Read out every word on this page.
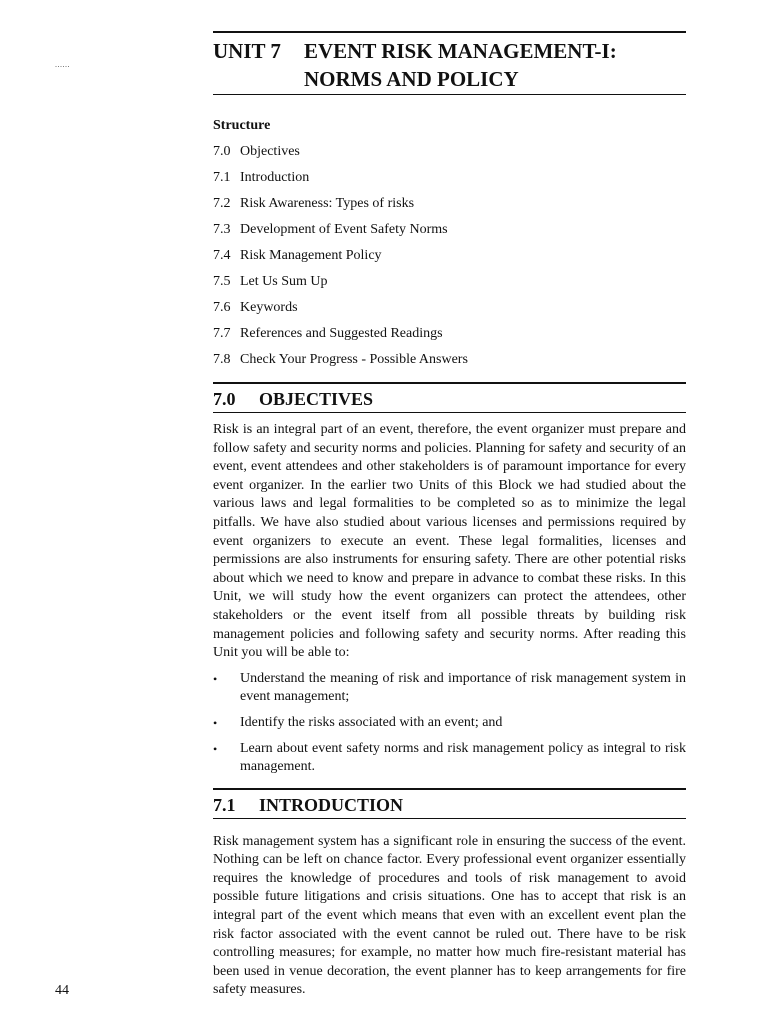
......
44
UNIT 7	EVENT RISK MANAGEMENT-I:
NORMS AND POLICY
Structure
7.0 Objectives
7.1 Introduction
7.2 Risk Awareness: Types of risks
7.3 Development of Event Safety Norms
7.4 Risk Management Policy
7.5 Let Us Sum Up
7.6 Keywords
7.7 References and Suggested Readings
7.8 Check Your Progress - Possible Answers
7.0	OBJECTIVES

Risk is an integral part of an event, therefore, the event organizer must prepare and follow safety and security norms and policies. Planning for safety and security of an event, event attendees and other stakeholders is of paramount importance for every event organizer. In the earlier two Units of this Block we had studied about the various laws and legal formalities to be completed so as to minimize the legal pitfalls. We have also studied about various licenses and permissions required by event organizers to execute an event. These legal formalities, licenses and permissions are also instruments for ensuring safety. There are other potential risks about which we need to know and prepare in advance to combat these risks. In this Unit, we will study how the event organizers can protect the attendees, other stakeholders or the event itself from all possible threats by building risk management policies and following safety and security norms. After reading this Unit you will be able to:

•	Understand the meaning of risk and importance of risk management system in event management;
•	Identify the risks associated with an event; and
•	Learn about event safety norms and risk management policy as integral to risk management.
7.1	INTRODUCTION

Risk management system has a significant role in ensuring the success of the event. Nothing can be left on chance factor. Every professional event organizer essentially requires the knowledge of procedures and tools of risk management to avoid possible future litigations and crisis situations. One has to accept that risk is an integral part of the event which means that even with an excellent event plan the risk factor associated with the event cannot be ruled out. There have to be risk controlling measures; for example, no matter how much fire-resistant material has been used in venue decoration, the event planner has to keep arrangements for fire safety measures.
